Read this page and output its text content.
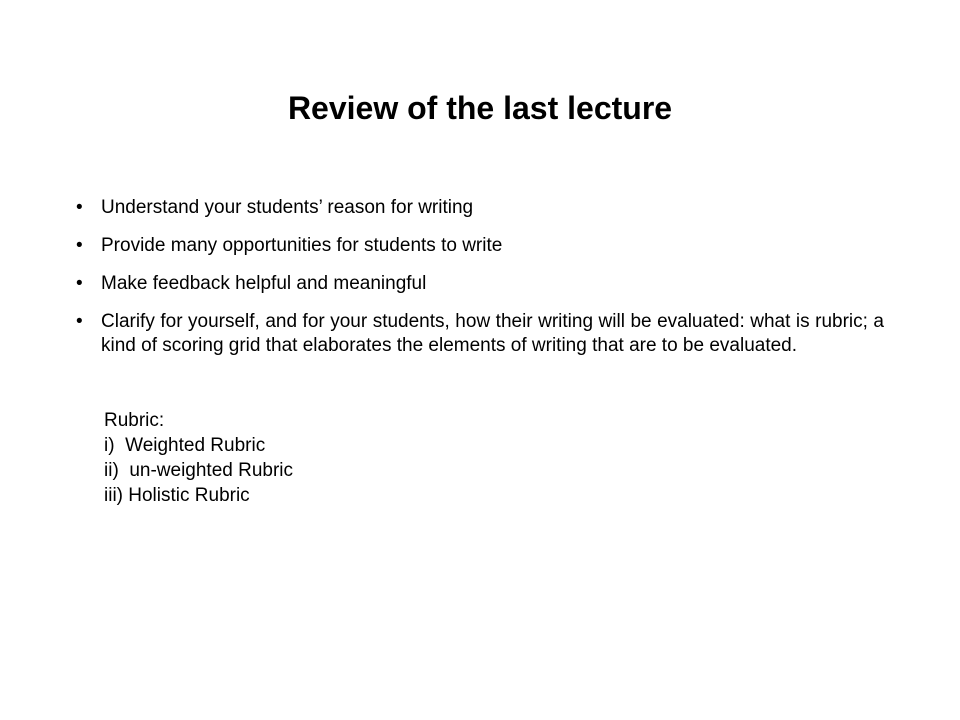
Review of the last lecture
• Understand your students’ reason for writing
• Provide many opportunities for students to write
• Make feedback helpful and meaningful
• Clarify for yourself, and for your students, how their writing will be evaluated: what is rubric; a kind of scoring grid that elaborates the elements of writing that are to be evaluated.
Rubric:
i)  Weighted Rubric
ii)  un-weighted Rubric
iii) Holistic Rubric
